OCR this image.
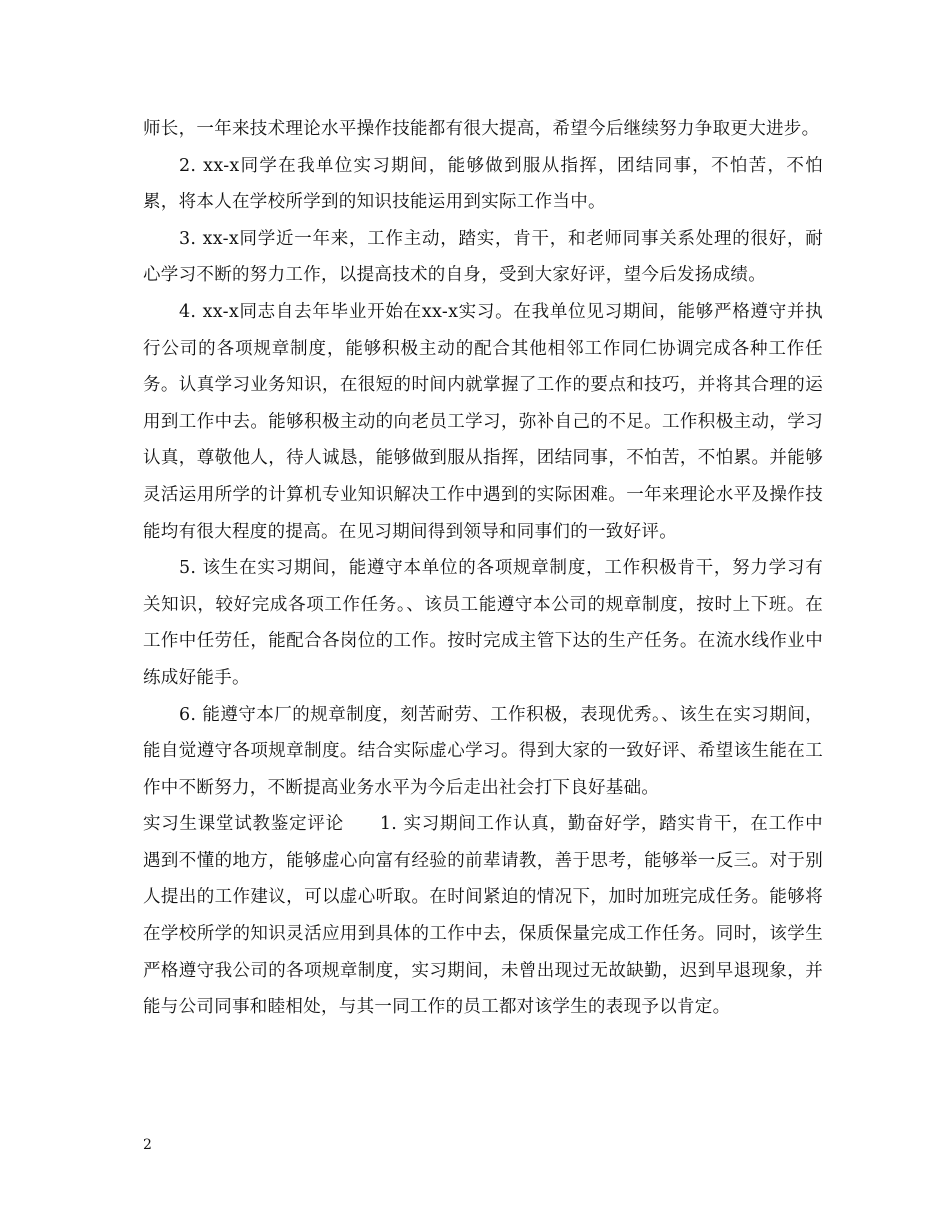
师长，一年来技术理论水平操作技能都有很大提高，希望今后继续努力争取更大进步。

2. xx-x同学在我单位实习期间，能够做到服从指挥，团结同事，不怕苦，不怕累，将本人在学校所学到的知识技能运用到实际工作当中。

3. xx-x同学近一年来，工作主动，踏实，肯干，和老师同事关系处理的很好，耐心学习不断的努力工作，以提高技术的自身，受到大家好评，望今后发扬成绩。

4. xx-x同志自去年毕业开始在xx-x实习。在我单位见习期间，能够严格遵守并执行公司的各项规章制度，能够积极主动的配合其他相邻工作同仁协调完成各种工作任务。认真学习业务知识，在很短的时间内就掌握了工作的要点和技巧，并将其合理的运用到工作中去。能够积极主动的向老员工学习，弥补自己的不足。工作积极主动，学习认真，尊敬他人，待人诚恳，能够做到服从指挥，团结同事，不怕苦，不怕累。并能够灵活运用所学的计算机专业知识解决工作中遇到的实际困难。一年来理论水平及操作技能均有很大程度的提高。在见习期间得到领导和同事们的一致好评。

5. 该生在实习期间，能遵守本单位的各项规章制度，工作积极肯干，努力学习有关知识，较好完成各项工作任务。、该员工能遵守本公司的规章制度，按时上下班。在工作中任劳任，能配合各岗位的工作。按时完成主管下达的生产任务。在流水线作业中练成好能手。

6. 能遵守本厂的规章制度，刻苦耐劳、工作积极，表现优秀。、该生在实习期间，能自觉遵守各项规章制度。结合实际虚心学习。得到大家的一致好评、希望该生能在工作中不断努力，不断提高业务水平为今后走出社会打下良好基础。

实习生课堂试教鉴定评论 1. 实习期间工作认真，勤奋好学，踏实肯干，在工作中遇到不懂的地方，能够虚心向富有经验的前辈请教，善于思考，能够举一反三。对于别人提出的工作建议，可以虚心听取。在时间紧迫的情况下，加时加班完成任务。能够将在学校所学的知识灵活应用到具体的工作中去，保质保量完成工作任务。同时，该学生严格遵守我公司的各项规章制度，实习期间，未曾出现过无故缺勤，迟到早退现象，并能与公司同事和睦相处，与其一同工作的员工都对该学生的表现予以肯定。

2
